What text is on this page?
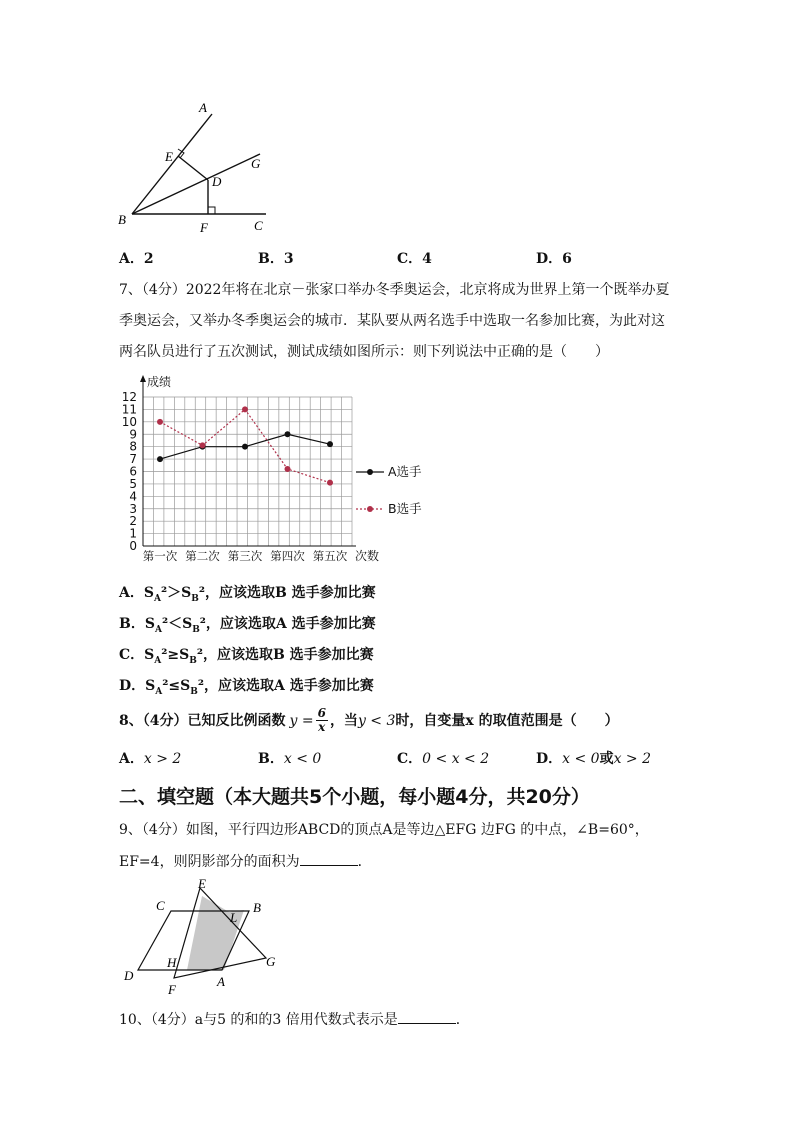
A
E	G
D
B
F	C
A．2	B．3	C．4	D．6
7、（4分）2022年将在北京－张家口举办冬季奥运会，北京将成为世界上第一个既举办夏
季奥运会，又举办冬季奥运会的城市．某队要从两名选手中选取一名参加比赛，为此对这
两名队员进行了五次测试，测试成绩如图所示：则下列说法中正确的是（　　）
0
1
2
3
4
5
6
7
8
9
10
11
12
成绩
次数
第一次 第二次 第三次 第四次 第五次
A选手
B选手
A．$S_A^2>S_B^2$，应该选取B 选手参加比赛
B．$S_A^2<S_B^2$，应该选取A 选手参加比赛
C．$S_A^2\ge S_B^2$，应该选取B 选手参加比赛
D．$S_A^2\le S_B^2$，应该选取A 选手参加比赛
8、（4分）已知反比例函数 $y = \frac{6}{x}$ ，当 y < 3 时，自变量x 的取值范围是（　　）
A．x > 2	B．x < 0	C．0 < x < 2	D．x < 0或x > 2
二、填空题（本大题共5个小题，每小题4分，共20分）
9、（4分）如图，平行四边形ABCD的顶点A是等边△EFG 边FG 的中点，∠B=60°，
EF=4，则阴影部分的面积为	．
E
C
L
B
H	G
D	A
F
10、（4分）a与5 的和的3 倍用代数式表示是	．
